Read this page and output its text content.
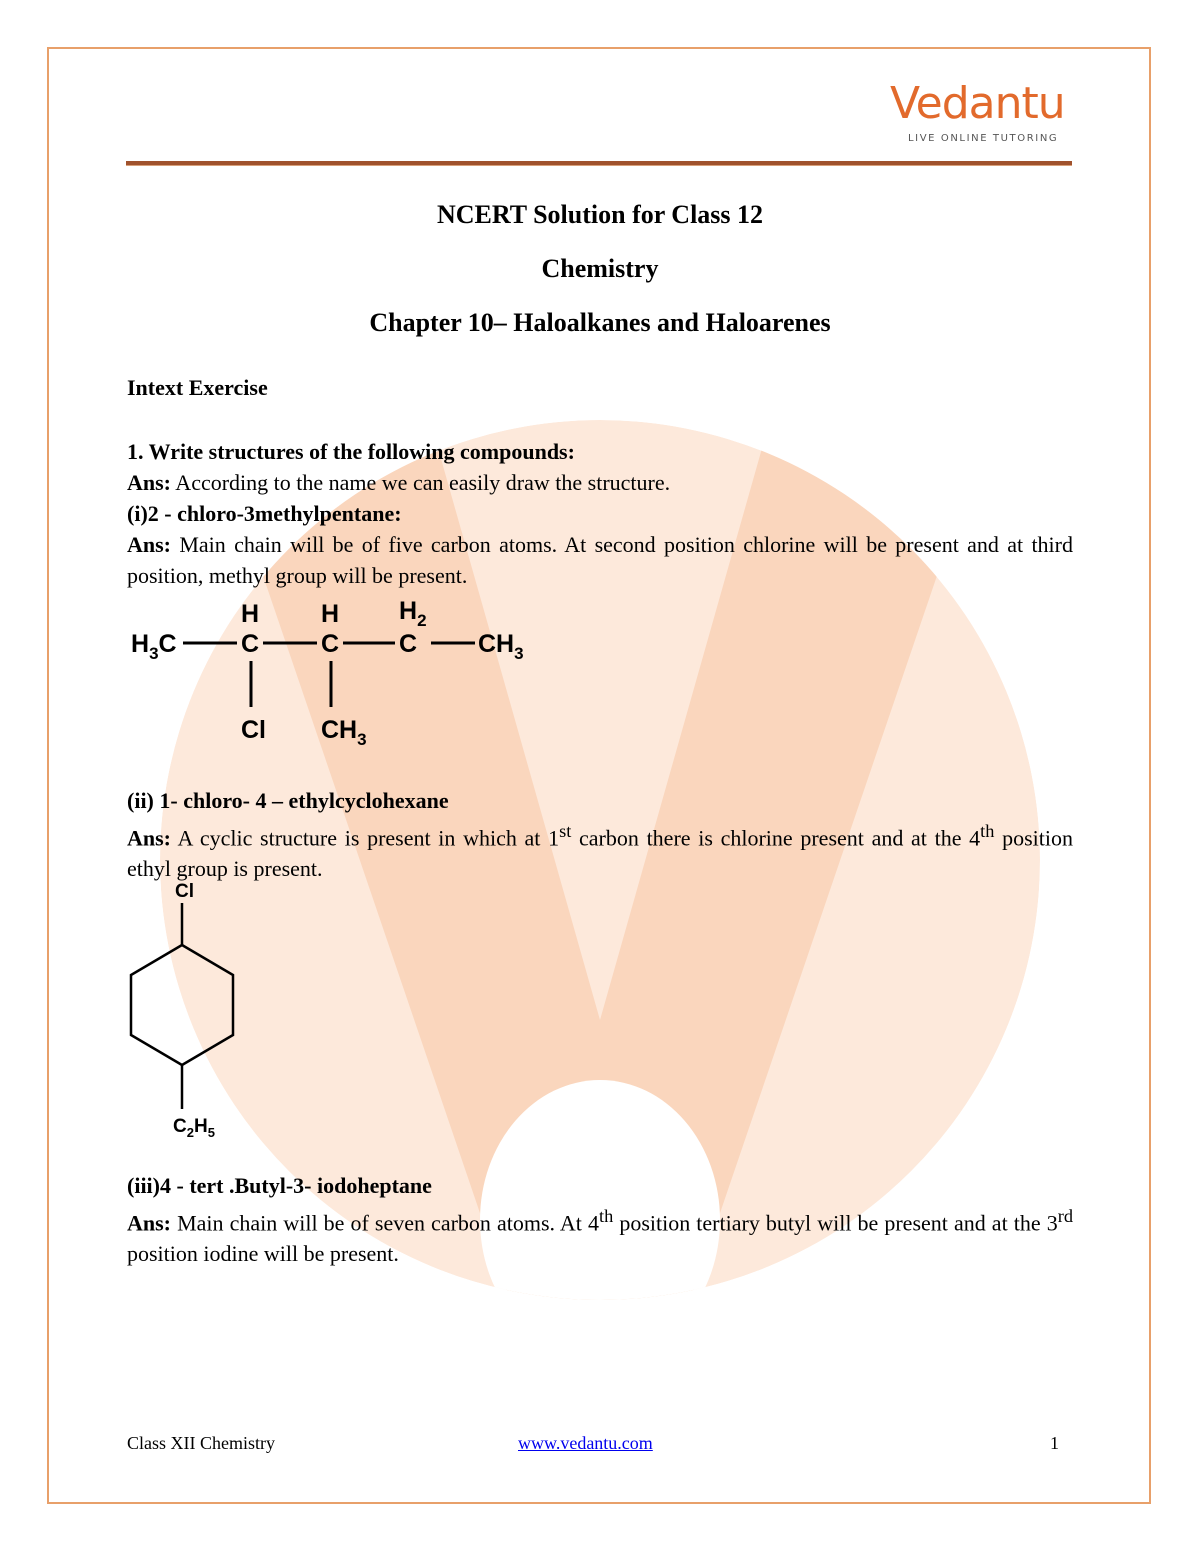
Vedantu
LIVE ONLINE TUTORING
NCERT Solution for Class 12
Chemistry
Chapter 10– Haloalkanes and Haloarenes
Intext Exercise
1. Write structures of the following compounds:
Ans: According to the name we can easily draw the structure.
(i)2 - chloro-3methylpentane:
Ans: Main chain will be of five carbon atoms. At second position chlorine will be present and at third position, methyl group will be present.
$H_3C$
H
C
H
C
$H_2$
C $CH_3$
Cl $CH_3$
(ii) 1- chloro- 4 – ethylcyclohexane
Ans: A cyclic structure is present in which at 1st carbon there is chlorine present and at the 4th position ethyl group is present.
Cl
$C_2H_5$
(iii)4 - tert .Butyl-3- iodoheptane
Ans: Main chain will be of seven carbon atoms. At 4th position tertiary butyl will be present and at the 3rd position iodine will be present.
Class XII Chemistry	www.vedantu.com	1
